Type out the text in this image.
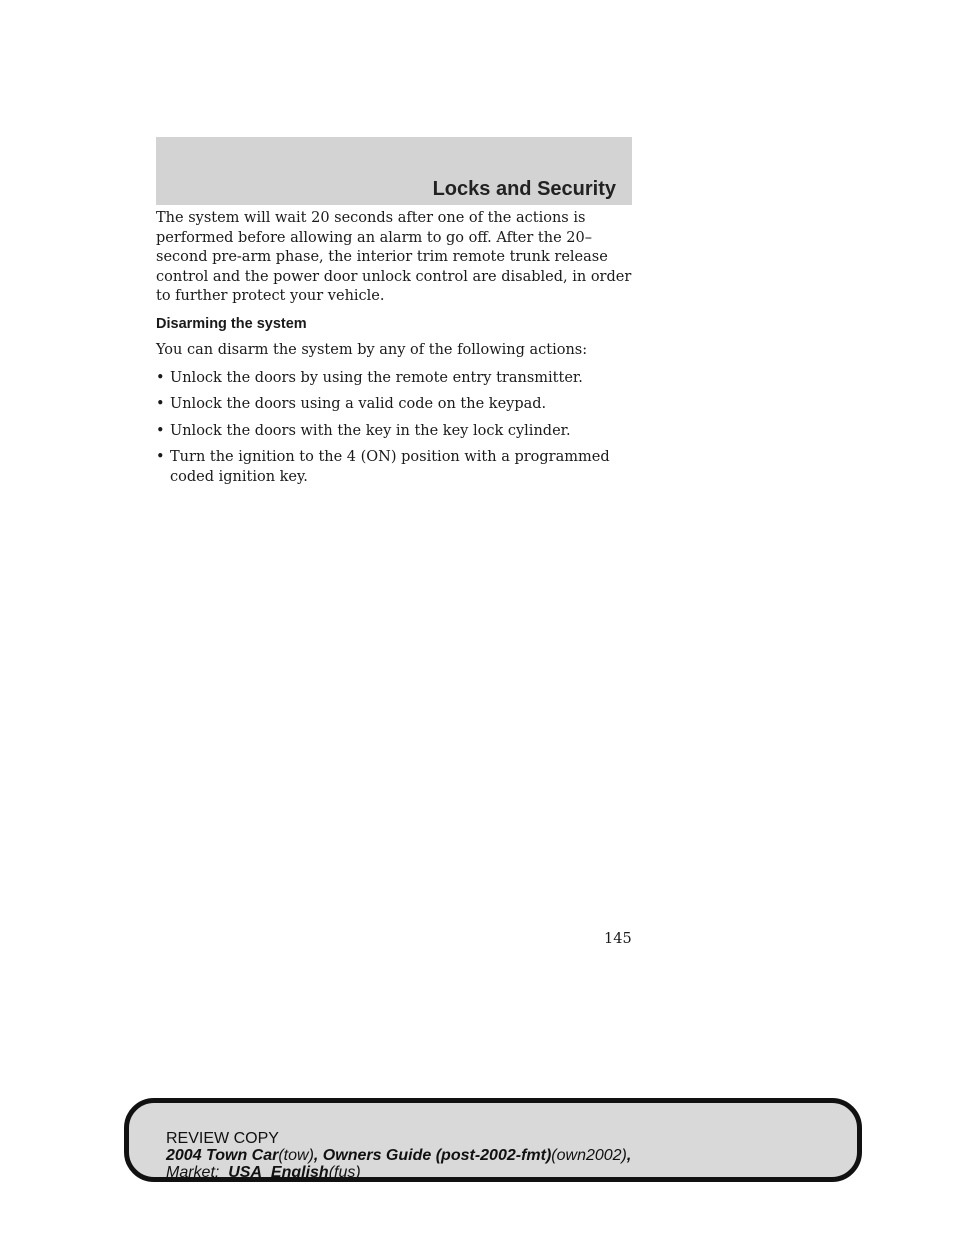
Locks and Security

The system will wait 20 seconds after one of the actions is performed before allowing an alarm to go off. After the 20–second pre-arm phase, the interior trim remote trunk release control and the power door unlock control are disabled, in order to further protect your vehicle.

Disarming the system

You can disarm the system by any of the following actions:

• Unlock the doors by using the remote entry transmitter.
• Unlock the doors using a valid code on the keypad.
• Unlock the doors with the key in the key lock cylinder.
• Turn the ignition to the 4 (ON) position with a programmed coded ignition key.
145
REVIEW COPY
2004 Town Car(tow), Owners Guide (post-2002-fmt)(own2002),
Market: USA_English(fus)
